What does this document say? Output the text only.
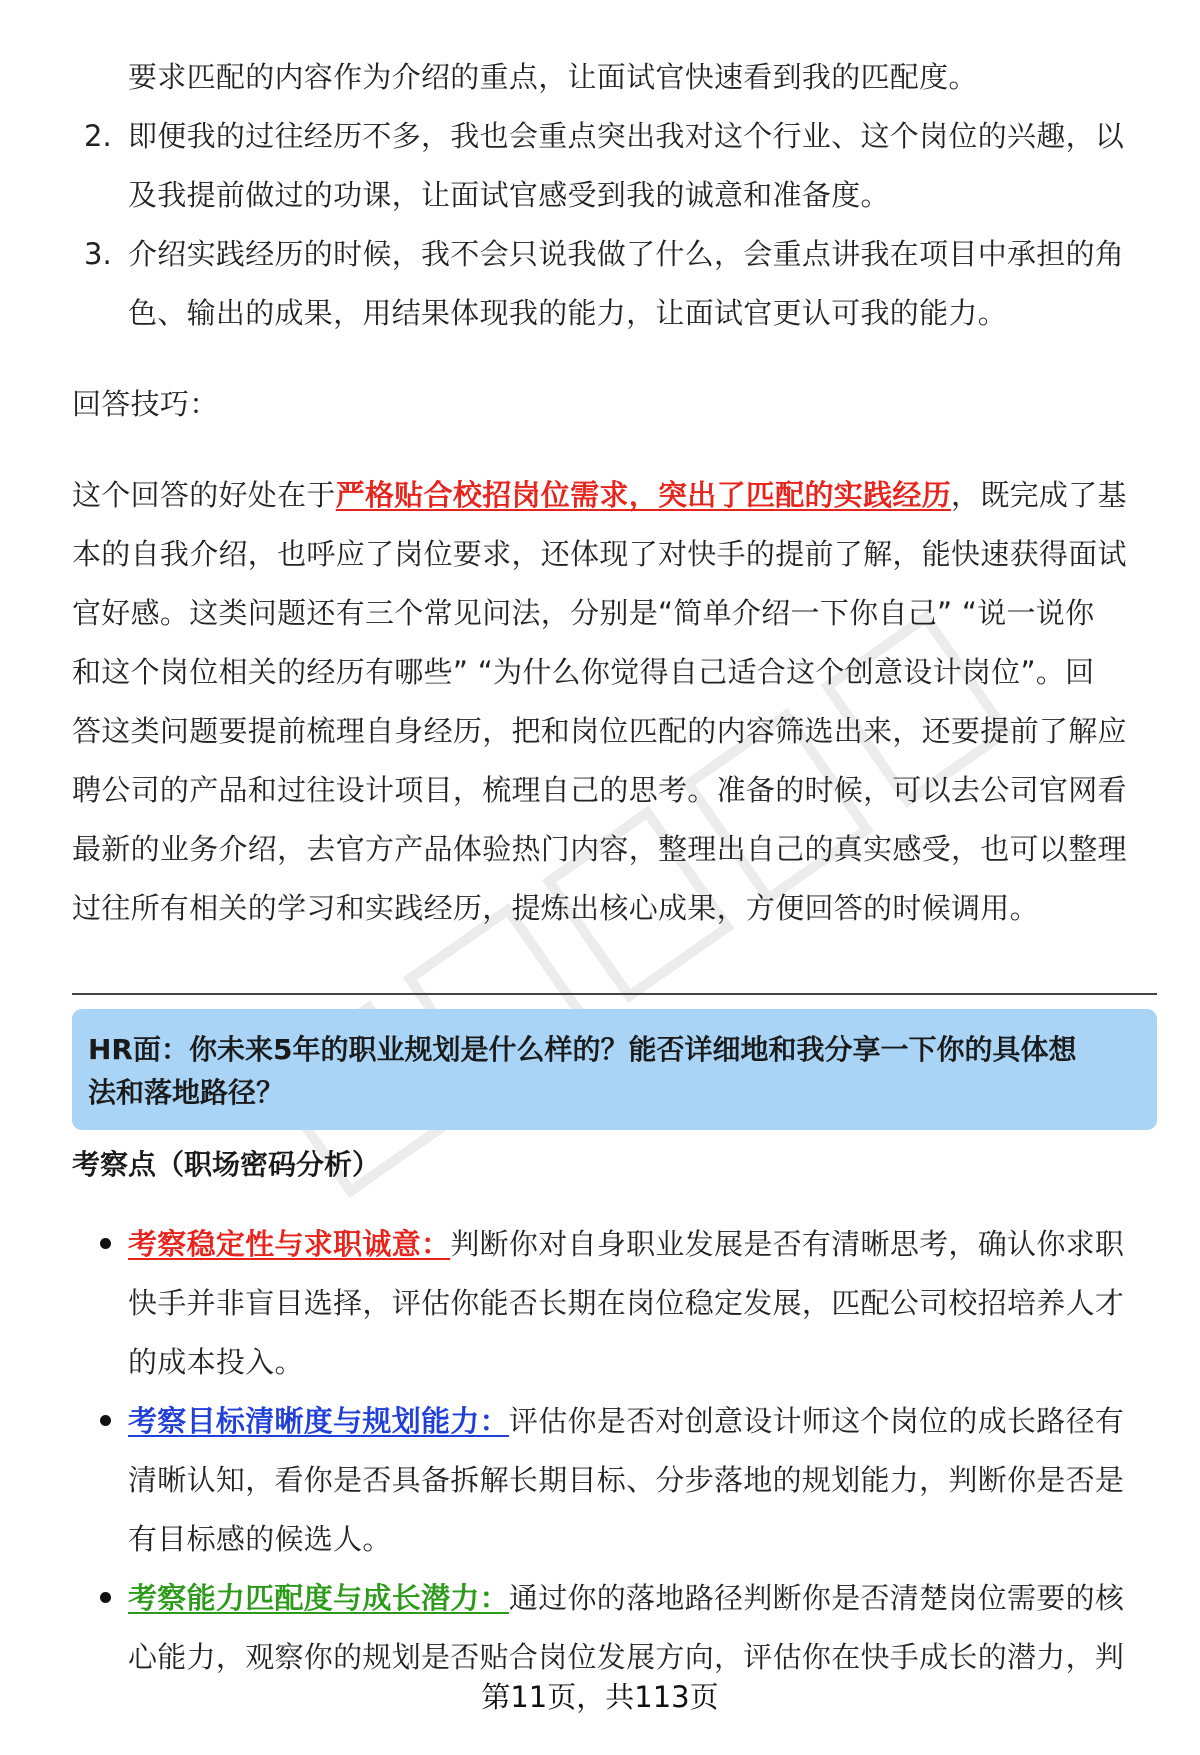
要求匹配的内容作为介绍的重点，让面试官快速看到我的匹配度。
2. 即便我的过往经历不多，我也会重点突出我对这个行业、这个岗位的兴趣，以
及我提前做过的功课，让面试官感受到我的诚意和准备度。
3. 介绍实践经历的时候，我不会只说我做了什么，会重点讲我在项目中承担的角
色、输出的成果，用结果体现我的能力，让面试官更认可我的能力。
回答技巧：
这个回答的好处在于严格贴合校招岗位需求，突出了匹配的实践经历，既完成了基
本的自我介绍，也呼应了岗位要求，还体现了对快手的提前了解，能快速获得面试
官好感。这类问题还有三个常见问法，分别是“简单介绍一下你自己” “说一说你
和这个岗位相关的经历有哪些” “为什么你觉得自己适合这个创意设计岗位”。回
答这类问题要提前梳理自身经历，把和岗位匹配的内容筛选出来，还要提前了解应
聘公司的产品和过往设计项目，梳理自己的思考。准备的时候，可以去公司官网看
最新的业务介绍，去官方产品体验热门内容，整理出自己的真实感受，也可以整理
过往所有相关的学习和实践经历，提炼出核心成果，方便回答的时候调用。
HR面：你未来5年的职业规划是什么样的？能否详细地和我分享一下你的具体想
法和落地路径？
考察点（职场密码分析）
考察稳定性与求职诚意：判断你对自身职业发展是否有清晰思考，确认你求职
快手并非盲目选择，评估你能否长期在岗位稳定发展，匹配公司校招培养人才
的成本投入。
考察目标清晰度与规划能力：评估你是否对创意设计师这个岗位的成长路径有
清晰认知，看你是否具备拆解长期目标、分步落地的规划能力，判断你是否是
有目标感的候选人。
考察能力匹配度与成长潜力：通过你的落地路径判断你是否清楚岗位需要的核
心能力，观察你的规划是否贴合岗位发展方向，评估你在快手成长的潜力，判
第11页，共113页
